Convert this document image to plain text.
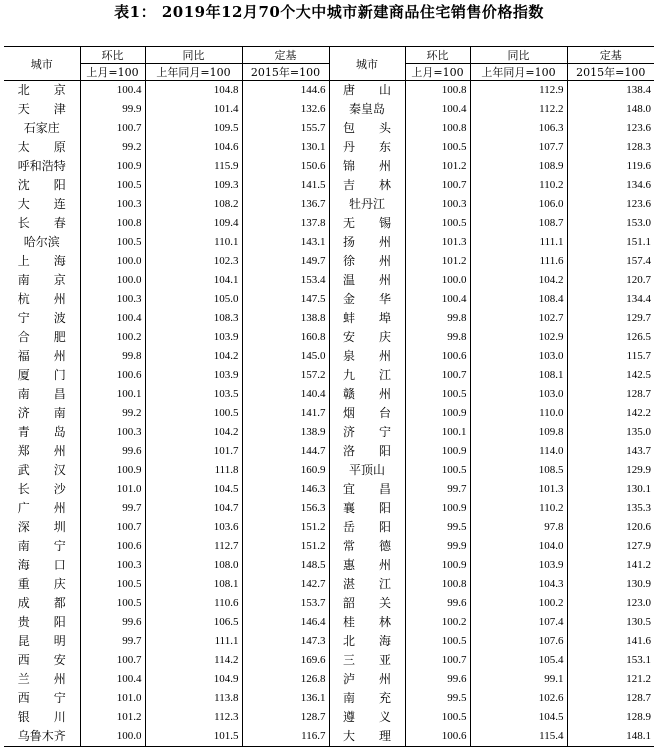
表1： 2019年12月70个大中城市新建商品住宅销售价格指数
城市	环比	同比	定基	城市	环比	同比	定基
	上月=100	上年同月=100	2015年=100		上月=100	上年同月=100	2015年=100
北　　京	100.4	104.8	144.6	唐　　山	100.8	112.9	138.4
天　　津	99.9	101.4	132.6	秦皇岛	100.4	112.2	148.0
石家庄	100.7	109.5	155.7	包　　头	100.8	106.3	123.6
太　　原	99.2	104.6	130.1	丹　　东	100.5	107.7	128.3
呼和浩特	100.9	115.9	150.6	锦　　州	101.2	108.9	119.6
沈　　阳	100.5	109.3	141.5	吉　　林	100.7	110.2	134.6
大　　连	100.3	108.2	136.7	牡丹江	100.3	106.0	123.6
长　　春	100.8	109.4	137.8	无　　锡	100.5	108.7	153.0
哈尔滨	100.5	110.1	143.1	扬　　州	101.3	111.1	151.1
上　　海	100.0	102.3	149.7	徐　　州	101.2	111.6	157.4
南　　京	100.0	104.1	153.4	温　　州	100.0	104.2	120.7
杭　　州	100.3	105.0	147.5	金　　华	100.4	108.4	134.4
宁　　波	100.4	108.3	138.8	蚌　　埠	99.8	102.7	129.7
合　　肥	100.2	103.9	160.8	安　　庆	99.8	102.9	126.5
福　　州	99.8	104.2	145.0	泉　　州	100.6	103.0	115.7
厦　　门	100.6	103.9	157.2	九　　江	100.7	108.1	142.5
南　　昌	100.1	103.5	140.4	赣　　州	100.5	103.0	128.7
济　　南	99.2	100.5	141.7	烟　　台	100.9	110.0	142.2
青　　岛	100.3	104.2	138.9	济　　宁	100.1	109.8	135.0
郑　　州	99.6	101.7	144.7	洛　　阳	100.9	114.0	143.7
武　　汉	100.9	111.8	160.9	平顶山	100.5	108.5	129.9
长　　沙	101.0	104.5	146.3	宜　　昌	99.7	101.3	130.1
广　　州	99.7	104.7	156.3	襄　　阳	100.9	110.2	135.3
深　　圳	100.7	103.6	151.2	岳　　阳	99.5	97.8	120.6
南　　宁	100.6	112.7	151.2	常　　德	99.9	104.0	127.9
海　　口	100.3	108.0	148.5	惠　　州	100.9	103.9	141.2
重　　庆	100.5	108.1	142.7	湛　　江	100.8	104.3	130.9
成　　都	100.5	110.6	153.7	韶　　关	99.6	100.2	123.0
贵　　阳	99.6	106.5	146.4	桂　　林	100.2	107.4	130.5
昆　　明	99.7	111.1	147.3	北　　海	100.5	107.6	141.6
西　　安	100.7	114.2	169.6	三　　亚	100.7	105.4	153.1
兰　　州	100.4	104.9	126.8	泸　　州	99.6	99.1	121.2
西　　宁	101.0	113.8	136.1	南　　充	99.5	102.6	128.7
银　　川	101.2	112.3	128.7	遵　　义	100.5	104.5	128.9
乌鲁木齐	100.0	101.5	116.7	大　　理	100.6	115.4	148.1
